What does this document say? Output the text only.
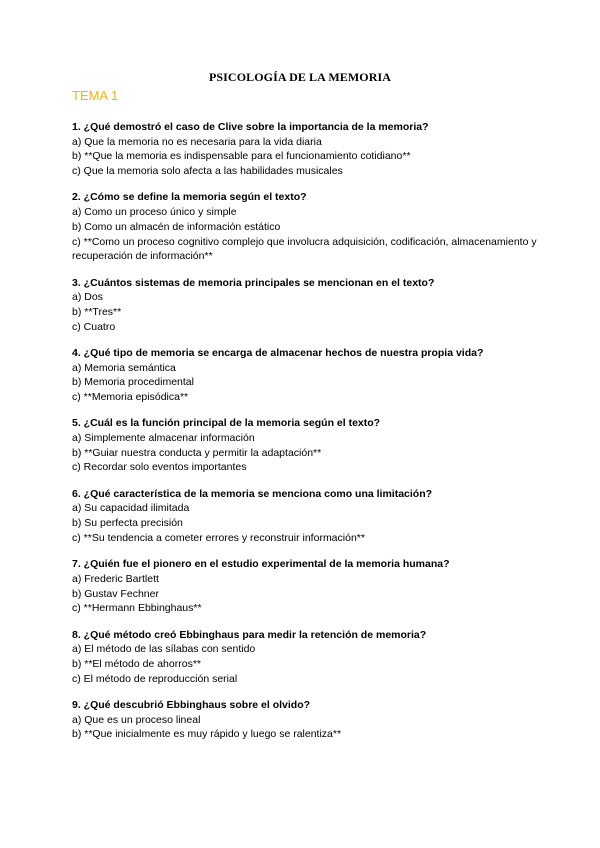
PSICOLOGÍA DE LA MEMORIA
TEMA 1
1. ¿Qué demostró el caso de Clive sobre la importancia de la memoria?
a) Que la memoria no es necesaria para la vida diaria
b) **Que la memoria es indispensable para el funcionamiento cotidiano**
c) Que la memoria solo afecta a las habilidades musicales
2. ¿Cómo se define la memoria según el texto?
a) Como un proceso único y simple
b) Como un almacén de información estático
c) **Como un proceso cognitivo complejo que involucra adquisición, codificación, almacenamiento y recuperación de información**
3. ¿Cuántos sistemas de memoria principales se mencionan en el texto?
a) Dos
b) **Tres**
c) Cuatro
4. ¿Qué tipo de memoria se encarga de almacenar hechos de nuestra propia vida?
a) Memoria semántica
b) Memoria procedimental
c) **Memoria episódica**
5. ¿Cuál es la función principal de la memoria según el texto?
a) Simplemente almacenar información
b) **Guiar nuestra conducta y permitir la adaptación**
c) Recordar solo eventos importantes
6. ¿Qué característica de la memoria se menciona como una limitación?
a) Su capacidad ilimitada
b) Su perfecta precisión
c) **Su tendencia a cometer errores y reconstruir información**
7. ¿Quién fue el pionero en el estudio experimental de la memoria humana?
a) Frederic Bartlett
b) Gustav Fechner
c) **Hermann Ebbinghaus**
8. ¿Qué método creó Ebbinghaus para medir la retención de memoria?
a) El método de las sílabas con sentido
b) **El método de ahorros**
c) El método de reproducción serial
9. ¿Qué descubrió Ebbinghaus sobre el olvido?
a) Que es un proceso lineal
b) **Que inicialmente es muy rápido y luego se ralentiza**
